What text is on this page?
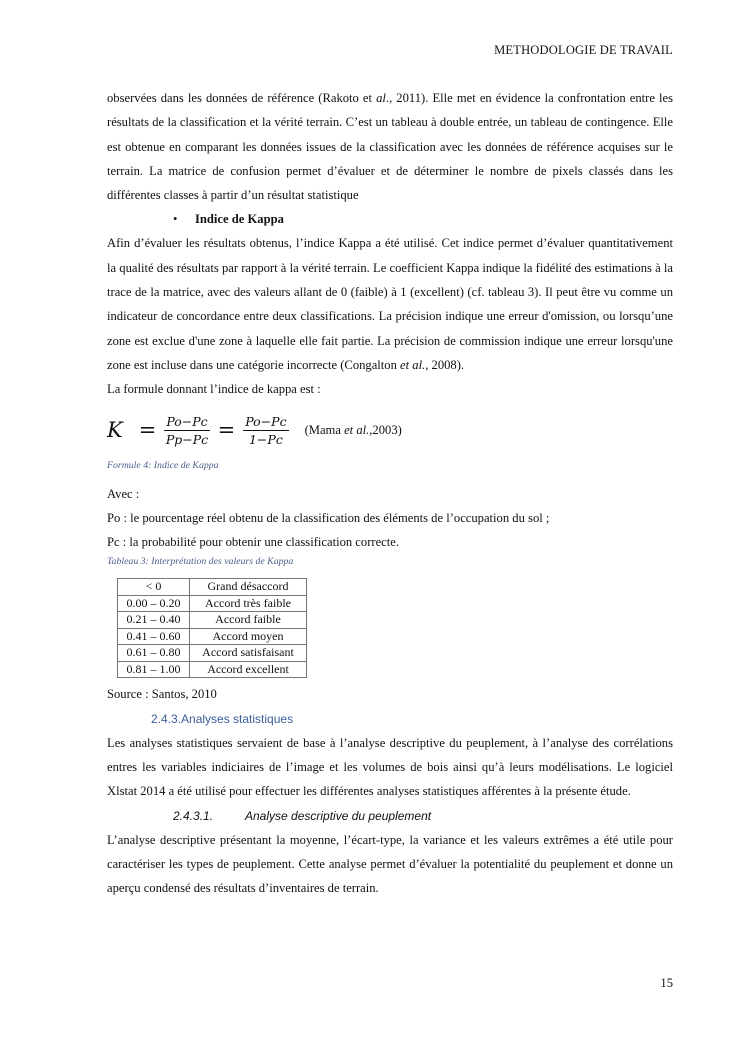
METHODOLOGIE DE TRAVAIL

observées dans les données de référence (Rakoto et al., 2011). Elle met en évidence la confrontation entre les résultats de la classification et la vérité terrain. C’est un tableau à double entrée, un tableau de contingence. Elle est obtenue en comparant les données issues de la classification avec les données de référence acquises sur le terrain. La matrice de confusion permet d’évaluer et de déterminer le nombre de pixels classés dans les différentes classes à partir d’un résultat statistique

• Indice de Kappa

Afin d’évaluer les résultats obtenus, l’indice Kappa a été utilisé. Cet indice permet d’évaluer quantitativement la qualité des résultats par rapport à la vérité terrain. Le coefficient Kappa indique la fidélité des estimations à la trace de la matrice, avec des valeurs allant de 0 (faible) à 1 (excellent) (cf. tableau 3). Il peut être vu comme un indicateur de concordance entre deux classifications. La précision indique une erreur d'omission, ou lorsqu’une zone est exclue d'une zone à laquelle elle fait partie. La précision de commission indique une erreur lorsqu'une zone est incluse dans une catégorie incorrecte (Congalton et al., 2008).

La formule donnant l’indice de kappa est :

$K = \frac{Po-Pc}{Pp-Pc} = \frac{Po-Pc}{1-Pc}$ (Mama et al.,2003)
Formule 4: Indice de Kappa

Avec :

Po : le pourcentage réel obtenu de la classification des éléments de l’occupation du sol ;

Pc : la probabilité pour obtenir une classification correcte.

Tableau 3: Interprétation des valeurs de Kappa
< 0	Grand désaccord
0.00 – 0.20	Accord très faible
0.21 – 0.40	Accord faible
0.41 – 0.60	Accord moyen
0.61 – 0.80	Accord satisfaisant
0.81 – 1.00	Accord excellent

Source : Santos, 2010

2.4.3.Analyses statistiques

Les analyses statistiques servaient de base à l’analyse descriptive du peuplement, à l’analyse des corrélations entres les variables indiciaires de l’image et les volumes de bois ainsi qu’à leurs modélisations. Le logiciel Xlstat 2014 a été utilisé pour effectuer les différentes analyses statistiques afférentes à la présente étude.

2.4.3.1.	Analyse descriptive du peuplement

L’analyse descriptive présentant la moyenne, l’écart-type, la variance et les valeurs extrêmes a été utile pour caractériser les types de peuplement. Cette analyse permet d’évaluer la potentialité du peuplement et donne un aperçu condensé des résultats d’inventaires de terrain.

15
